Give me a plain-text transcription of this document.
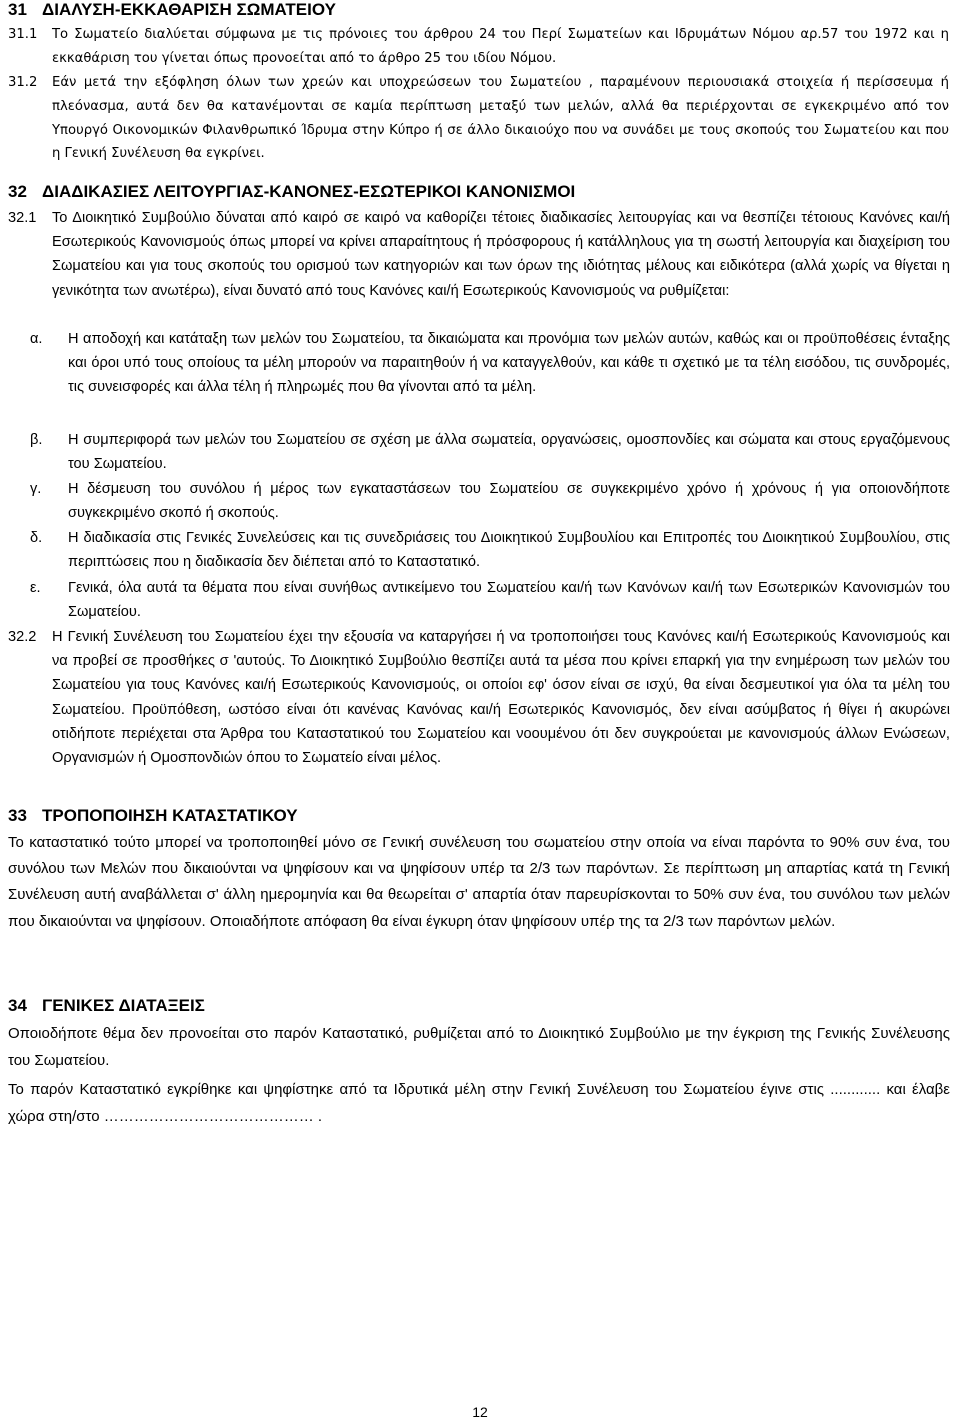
31 ΔΙΑΛΥΣΗ-ΕΚΚΑΘΑΡΙΣΗ ΣΩΜΑΤΕΙΟΥ
31.1 Το Σωματείο διαλύεται σύμφωνα με τις πρόνοιες του άρθρου 24 του Περί Σωματείων και Ιδρυμάτων Νόμου αρ.57 του 1972 και η εκκαθάριση του γίνεται όπως προνοείται από το άρθρο 25 του ιδίου Νόμου.
31.2 Εάν μετά την εξόφληση όλων των χρεών και υποχρεώσεων του Σωματείου , παραμένουν περιουσιακά στοιχεία ή περίσσευμα ή πλεόνασμα, αυτά δεν θα κατανέμονται σε καμία περίπτωση μεταξύ των μελών, αλλά θα περιέρχονται σε εγκεκριμένο από τον Υπουργό Οικονομικών Φιλανθρωπικό Ίδρυμα στην Κύπρο ή σε άλλο δικαιούχο που να συνάδει με τους σκοπούς του Σωματείου και που η Γενική Συνέλευση θα εγκρίνει.
32 ΔΙΑΔΙΚΑΣΙΕΣ ΛΕΙΤΟΥΡΓΙΑΣ-ΚΑΝΟΝΕΣ-ΕΣΩΤΕΡΙΚΟΙ ΚΑΝΟΝΙΣΜΟΙ
32.1 Το Διοικητικό Συμβούλιο δύναται από καιρό σε καιρό να καθορίζει τέτοιες διαδικασίες λειτουργίας και να θεσπίζει τέτοιους Κανόνες και/ή Εσωτερικούς Κανονισμούς όπως μπορεί να κρίνει απαραίτητους ή πρόσφορους ή κατάλληλους για τη σωστή λειτουργία και διαχείριση του Σωματείου και για τους σκοπούς του ορισμού των κατηγοριών και των όρων της ιδιότητας μέλους και ειδικότερα (αλλά χωρίς να θίγεται η γενικότητα των ανωτέρω), είναι δυνατό από τους Κανόνες και/ή Εσωτερικούς Κανονισμούς να ρυθμίζεται:
α. Η αποδοχή και κατάταξη των μελών του Σωματείου, τα δικαιώματα και προνόμια των μελών αυτών, καθώς και οι προϋποθέσεις ένταξης και όροι υπό τους οποίους τα μέλη μπορούν να παραιτηθούν ή να καταγγελθούν, και κάθε τι σχετικό με τα τέλη εισόδου, τις συνδρομές, τις συνεισφορές και άλλα τέλη ή πληρωμές που θα γίνονται από τα μέλη.
β. Η συμπεριφορά των μελών του Σωματείου σε σχέση με άλλα σωματεία, οργανώσεις, ομοσπονδίες και σώματα και στους εργαζόμενους του Σωματείου.
γ. Η δέσμευση του συνόλου ή μέρος των εγκαταστάσεων του Σωματείου σε συγκεκριμένο χρόνο ή χρόνους ή για οποιονδήποτε συγκεκριμένο σκοπό ή σκοπούς.
δ. Η διαδικασία στις Γενικές Συνελεύσεις και τις συνεδριάσεις του Διοικητικού Συμβουλίου και Επιτροπές του Διοικητικού Συμβουλίου, στις περιπτώσεις που η διαδικασία δεν διέπεται από το Καταστατικό.
ε. Γενικά, όλα αυτά τα θέματα που είναι συνήθως αντικείμενο του Σωματείου και/ή των Κανόνων και/ή των Εσωτερικών Κανονισμών του Σωματείου.
32.2 Η Γενική Συνέλευση του Σωματείου έχει την εξουσία να καταργήσει ή να τροποποιήσει τους Κανόνες και/ή Εσωτερικούς Κανονισμούς και να προβεί σε προσθήκες σ 'αυτούς. Το Διοικητικό Συμβούλιο θεσπίζει αυτά τα μέσα που κρίνει επαρκή για την ενημέρωση των μελών του Σωματείου για τους Κανόνες και/ή Εσωτερικούς Κανονισμούς, οι οποίοι εφ' όσον είναι σε ισχύ, θα είναι δεσμευτικοί για όλα τα μέλη του Σωματείου. Προϋπόθεση, ωστόσο είναι ότι κανένας Κανόνας και/ή Εσωτερικός Κανονισμός, δεν είναι ασύμβατος ή θίγει ή ακυρώνει οτιδήποτε περιέχεται στα Άρθρα του Καταστατικού του Σωματείου και νοουμένου ότι δεν συγκρούεται με κανονισμούς άλλων Ενώσεων, Οργανισμών ή Ομοσπονδιών όπου το Σωματείο είναι μέλος.
33 ΤΡΟΠΟΠΟΙΗΣΗ ΚΑΤΑΣΤΑΤΙΚΟΥ
Το καταστατικό τούτο μπορεί να τροποποιηθεί μόνο σε Γενική συνέλευση του σωματείου στην οποία να είναι παρόντα το 90% συν ένα, του συνόλου των Μελών που δικαιούνται να ψηφίσουν και να ψηφίσουν υπέρ τα 2/3 των παρόντων. Σε περίπτωση μη απαρτίας κατά τη Γενική Συνέλευση αυτή αναβάλλεται σ' άλλη ημερομηνία και θα θεωρείται σ' απαρτία όταν παρευρίσκονται το 50% συν ένα, του συνόλου των μελών που δικαιούνται να ψηφίσουν. Οποιαδήποτε απόφαση θα είναι έγκυρη όταν ψηφίσουν υπέρ της τα 2/3 των παρόντων μελών.
34 ΓΕΝΙΚΕΣ ΔΙΑΤΑΞΕΙΣ
Οποιοδήποτε θέμα δεν προνοείται στο παρόν Καταστατικό, ρυθμίζεται από το Διοικητικό Συμβούλιο με την έγκριση της Γενικής Συνέλευσης του Σωματείου.
Το παρόν Καταστατικό εγκρίθηκε και ψηφίστηκε από τα Ιδρυτικά μέλη στην Γενική Συνέλευση του Σωματείου έγινε στις ............ και έλαβε χώρα στη/στο …………………………………… .
12
